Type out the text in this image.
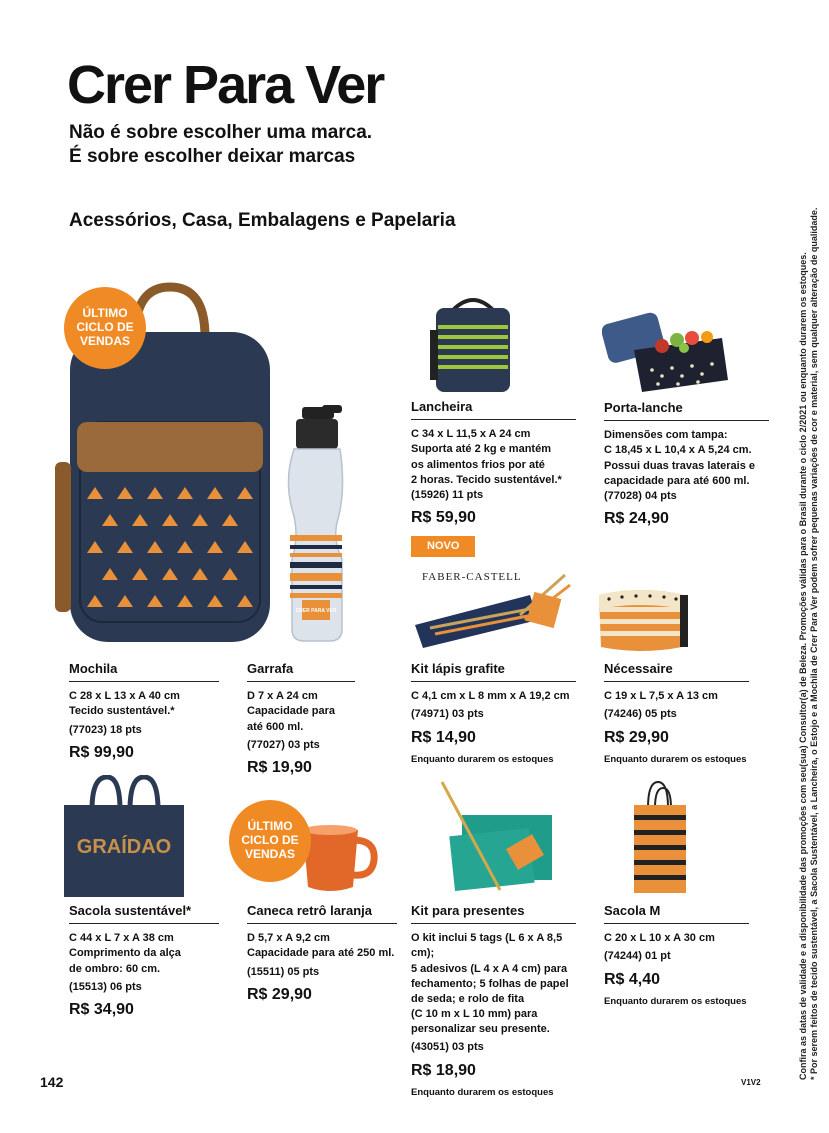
Crer Para Ver
Não é sobre escolher uma marca.
É sobre escolher deixar marcas
Acessórios, Casa, Embalagens e Papelaria
ÚLTIMO
CICLO DE
VENDAS
CRER PARA VER
Lancheira
C 34 x L 11,5 x A 24 cm
Suporta até 2 kg e mantém
os alimentos frios por até
2 horas. Tecido sustentável.*
(15926) 11 pts
R$ 59,90
NOVO
Porta-lanche
Dimensões com tampa:
C 18,45 x L 10,4 x A 5,24 cm.
Possui duas travas laterais e
capacidade para até 600 ml.
(77028) 04 pts
R$ 24,90
FABER-CASTELL
Mochila
C 28 x L 13 x A 40 cm
Tecido sustentável.*
(77023) 18 pts
R$ 99,90
Garrafa
D 7 x A 24 cm
Capacidade para
até 600 ml.
(77027) 03 pts
R$ 19,90
Kit lápis grafite
C 4,1 cm x L 8 mm x A 19,2 cm
(74971) 03 pts
R$ 14,90
Enquanto durarem os estoques
Nécessaire
C 19 x L 7,5 x A 13 cm
(74246) 05 pts
R$ 29,90
Enquanto durarem os estoques
GRAÍDAO
ÚLTIMO
CICLO DE
VENDAS
Sacola sustentável*
C 44 x L 7 x A 38 cm
Comprimento da alça
de ombro: 60 cm.
(15513) 06 pts
R$ 34,90
Caneca retrô laranja
D 5,7 x A 9,2 cm
Capacidade para até 250 ml.
(15511) 05 pts
R$ 29,90
Kit para presentes
O kit inclui 5 tags (L 6 x A 8,5 cm);
5 adesivos (L 4 x A 4 cm) para
fechamento; 5 folhas de papel
de seda; e rolo de fita
(C 10 m x L 10 mm) para
personalizar seu presente.
(43051) 03 pts
R$ 18,90
Enquanto durarem os estoques
Sacola M
C 20 x L 10 x A 30 cm
(74244) 01 pt
R$ 4,40
Enquanto durarem os estoques	Confira as datas de validade e a disponibilidade das promoções com seu(sua) Consultor(a) de Beleza. Promoções válidas para o Brasil durante o ciclo 2/2021 ou enquanto durarem os estoques. * Por serem feitos de tecido sustentável, a Sacola Sustentável, a Lancheira, o Estojo e a Mochila de Crer Para Ver podem sofrer pequenas variações de cor e material, sem qualquer alteração de qualidade.
142	V1V2
